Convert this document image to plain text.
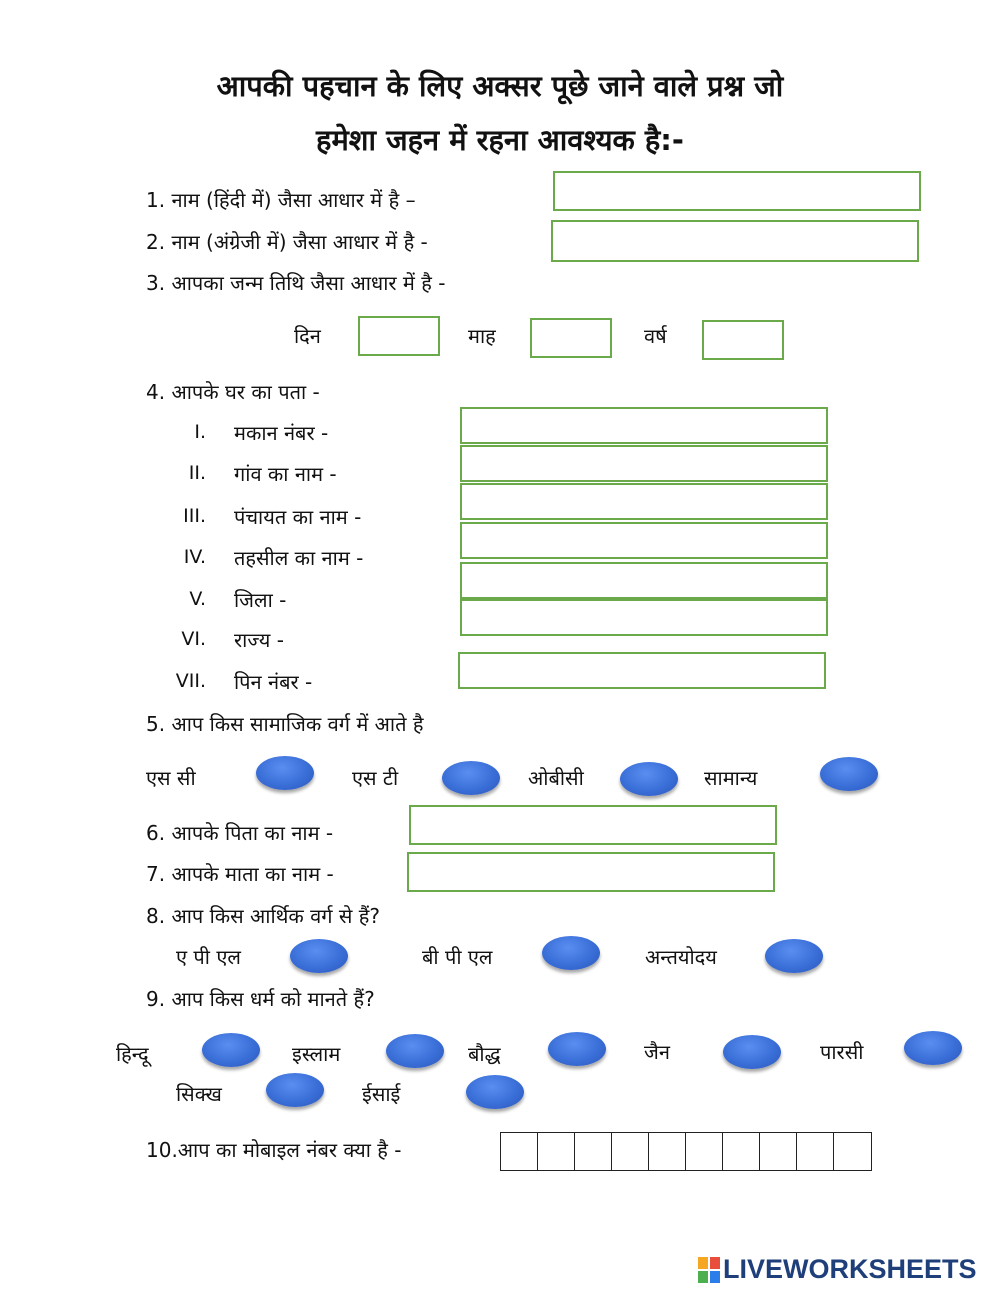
आपकी पहचान के लिए अक्सर पूछे जाने वाले प्रश्न जो
हमेशा जहन में रहना आवश्यक है:-
1. नाम (हिंदी में) जैसा आधार में है –
2. नाम (अंग्रेजी में) जैसा आधार में है -
3. आपका जन्म तिथि जैसा आधार में है -
दिन	माह	वर्ष
4. आपके घर का पता -
I. मकान नंबर -
II. गांव का नाम -
III. पंचायत का नाम -
IV. तहसील का नाम -
V. जिला -
VI. राज्य -
VII. पिन नंबर -
5. आप किस सामाजिक वर्ग में आते है
एस सी	एस टी	ओबीसी	सामान्य
6. आपके पिता का नाम -
7. आपके माता का नाम -
8. आप किस आर्थिक वर्ग से हैं?
ए पी एल	बी पी एल	अन्तयोदय
9. आप किस धर्म को मानते हैं?
हिन्दू	इस्लाम	बौद्ध	जैन	पारसी
सिक्ख	ईसाई
10.आप का मोबाइल नंबर क्या है -
LIVEWORKSHEETS
